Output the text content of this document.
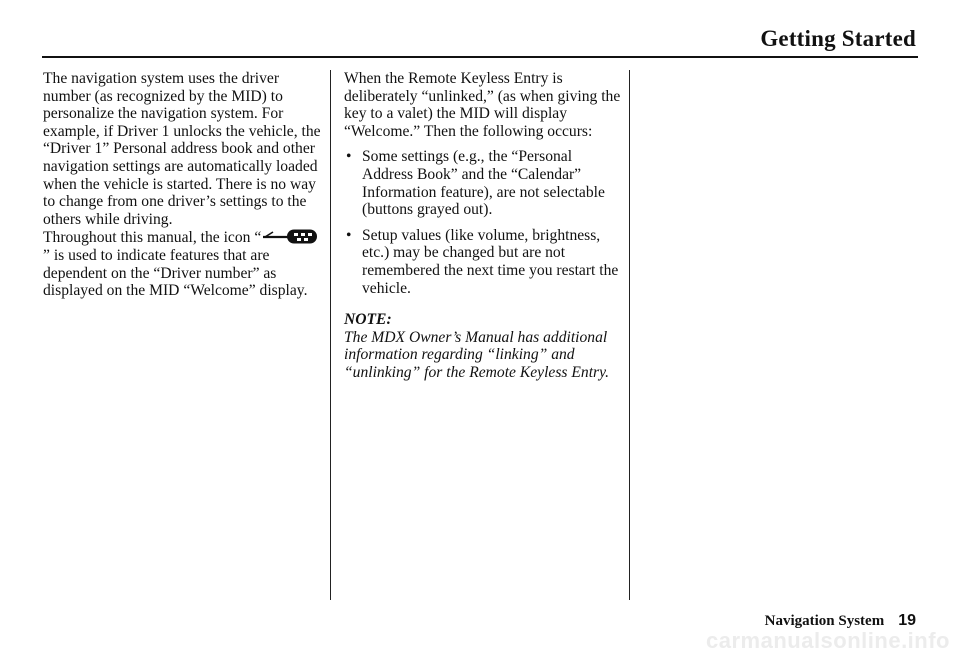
Getting Started

The navigation system uses the driver number (as recognized by the MID) to personalize the navigation system. For example, if Driver 1 unlocks the vehicle, the “Driver 1” Personal address book and other navigation settings are automatically loaded when the vehicle is started. There is no way to change from one driver’s settings to the others while driving.

Throughout this manual, the icon “” is used to indicate features that are dependent on the “Driver number” as displayed on the MID “Welcome” display.

When the Remote Keyless Entry is deliberately “unlinked,” (as when giving the key to a valet) the MID will display “Welcome.” Then the following occurs:

• Some settings (e.g., the “Personal Address Book” and the “Calendar” Information feature), are not selectable (buttons grayed out).
• Setup values (like volume, brightness, etc.) may be changed but are not remembered the next time you restart the vehicle.

NOTE:

The MDX Owner’s Manual has additional information regarding “linking” and “unlinking” for the Remote Keyless Entry.

Navigation System 19
carmanualsonline.info
